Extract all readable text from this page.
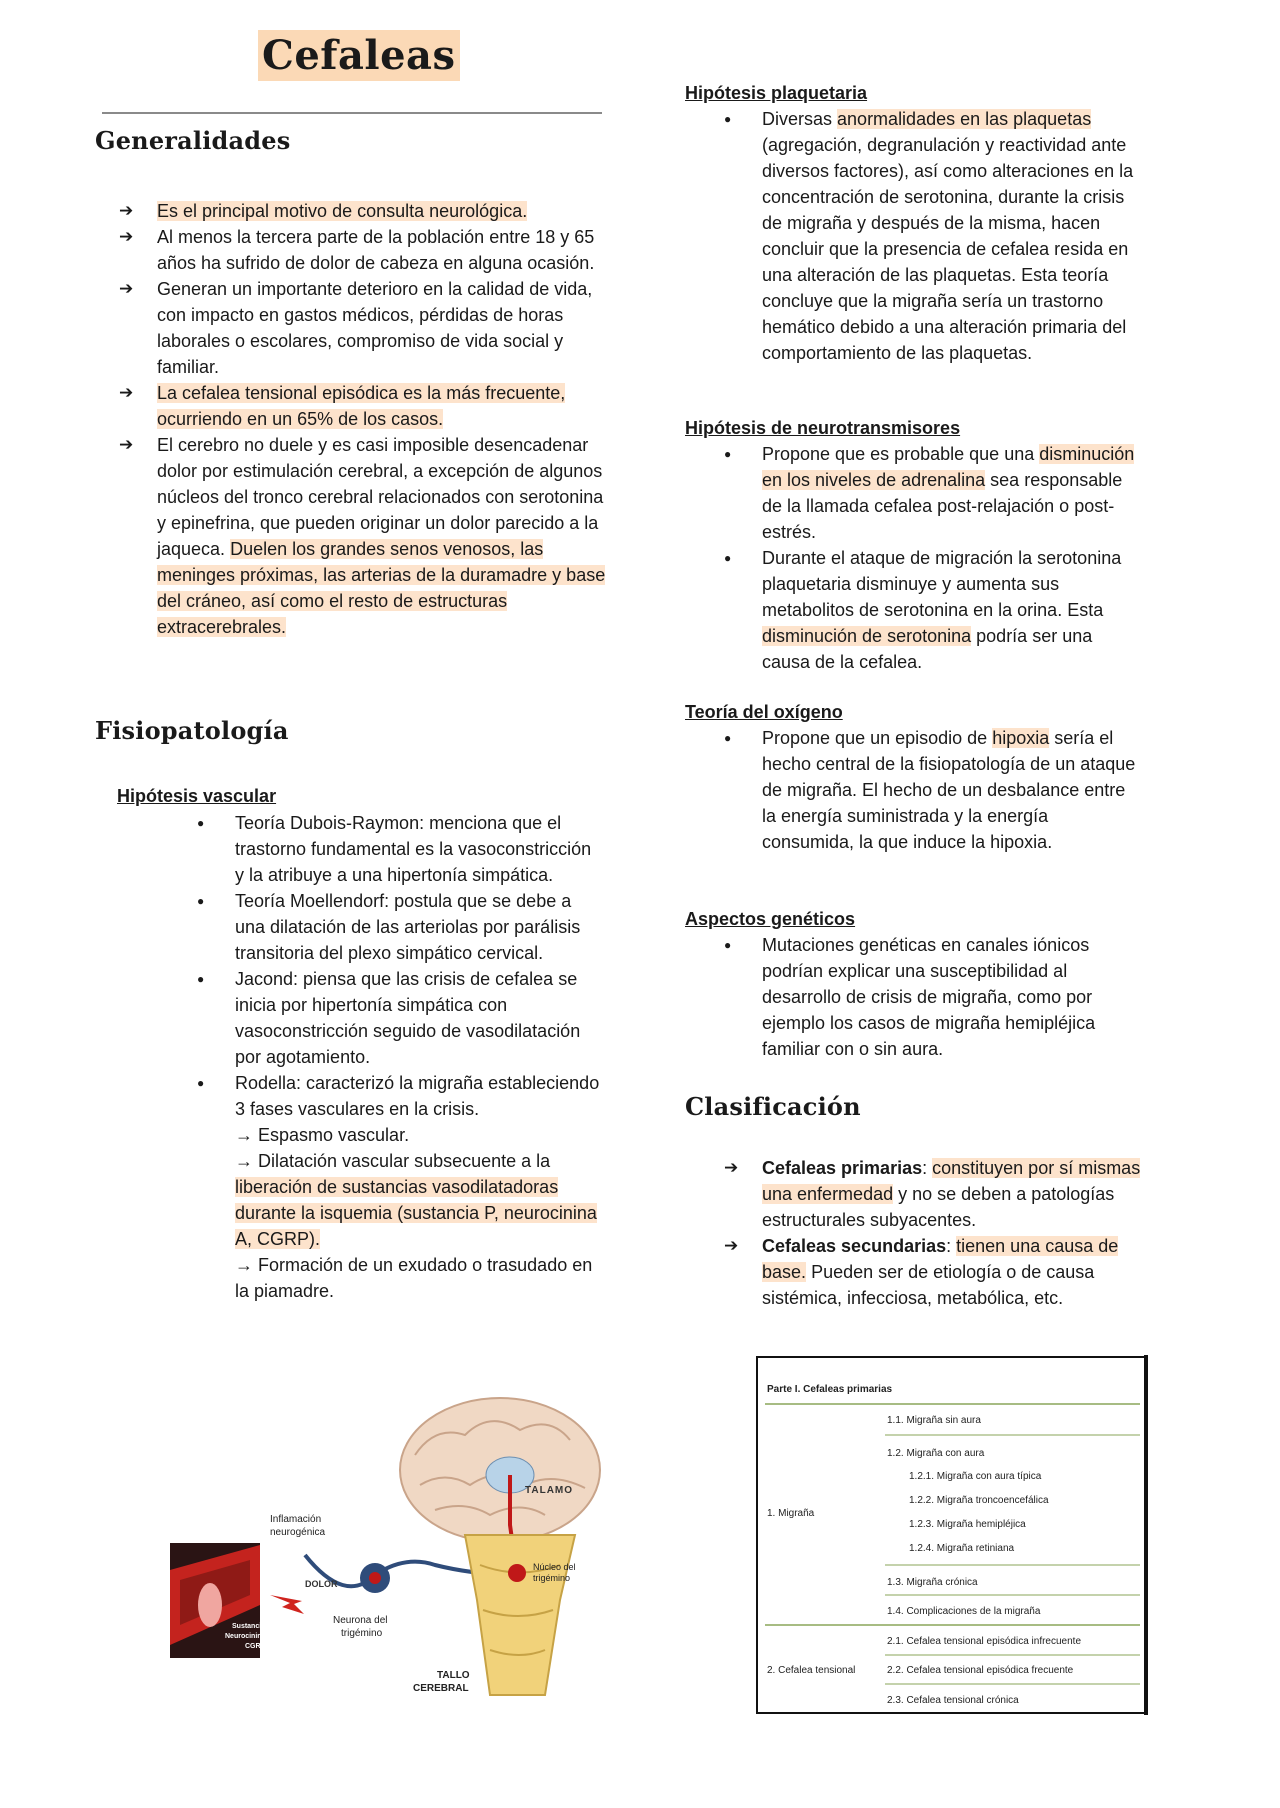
Cefaleas
Generalidades
➔ Es el principal motivo de consulta neurológica.
➔ Al menos la tercera parte de la población entre 18 y 65 años ha sufrido de dolor de cabeza en alguna ocasión.
➔ Generan un importante deterioro en la calidad de vida, con impacto en gastos médicos, pérdidas de horas laborales o escolares, compromiso de vida social y familiar.
➔ La cefalea tensional episódica es la más frecuente, ocurriendo en un 65% de los casos.
➔ El cerebro no duele y es casi imposible desencadenar dolor por estimulación cerebral, a excepción de algunos núcleos del tronco cerebral relacionados con serotonina y epinefrina, que pueden originar un dolor parecido a la jaqueca. Duelen los grandes senos venosos, las meninges próximas, las arterias de la duramadre y base del cráneo, así como el resto de estructuras extracerebrales.
Fisiopatología
Hipótesis vascular
● Teoría Dubois-Raymon: menciona que el trastorno fundamental es la vasoconstricción y la atribuye a una hipertonía simpática.
● Teoría Moellendorf: postula que se debe a una dilatación de las arteriolas por parálisis transitoria del plexo simpático cervical.
● Jacond: piensa que las crisis de cefalea se inicia por hipertonía simpática con vasoconstricción seguido de vasodilatación por agotamiento.
● Rodella: caracterizó la migraña estableciendo 3 fases vasculares en la crisis.
→ Espasmo vascular.
→ Dilatación vascular subsecuente a la liberación de sustancias vasodilatadoras durante la isquemia (sustancia P, neurocinina A, CGRP).
→ Formación de un exudado o trasudado en la piamadre.
TALAMO
Inflamación
neurogénica
DOLOR
Núcleo del
trigémino
Neurona del
trigémino
TALLO
CEREBRAL
Sustancia P
Neurocinina A
CGRP
Hipótesis plaquetaria
● Diversas anormalidades en las plaquetas (agregación, degranulación y reactividad ante diversos factores), así como alteraciones en la concentración de serotonina, durante la crisis de migraña y después de la misma, hacen concluir que la presencia de cefalea resida en una alteración de las plaquetas. Esta teoría concluye que la migraña sería un trastorno hemático debido a una alteración primaria del comportamiento de las plaquetas.
Hipótesis de neurotransmisores
● Propone que es probable que una disminución en los niveles de adrenalina sea responsable de la llamada cefalea post-relajación o post-estrés.
● Durante el ataque de migración la serotonina plaquetaria disminuye y aumenta sus metabolitos de serotonina en la orina. Esta disminución de serotonina podría ser una causa de la cefalea.
Teoría del oxígeno
● Propone que un episodio de hipoxia sería el hecho central de la fisiopatología de un ataque de migraña. El hecho de un desbalance entre la energía suministrada y la energía consumida, la que induce la hipoxia.
Aspectos genéticos
● Mutaciones genéticas en canales iónicos podrían explicar una susceptibilidad al desarrollo de crisis de migraña, como por ejemplo los casos de migraña hemipléjica familiar con o sin aura.
Clasificación
➔ Cefaleas primarias: constituyen por sí mismas una enfermedad y no se deben a patologías estructurales subyacentes.
➔ Cefaleas secundarias: tienen una causa de base. Pueden ser de etiología o de causa sistémica, infecciosa, metabólica, etc.
Parte I. Cefaleas primarias
1.1. Migraña sin aura
1.2. Migraña con aura
1.2.1. Migraña con aura típica
1.2.2. Migraña troncoencefálica
1. Migraña
1.2.3. Migraña hemipléjica
1.2.4. Migraña retiniana
1.3. Migraña crónica
1.4. Complicaciones de la migraña
2.1. Cefalea tensional episódica infrecuente
2. Cefalea tensional	2.2. Cefalea tensional episódica frecuente
2.3. Cefalea tensional crónica
